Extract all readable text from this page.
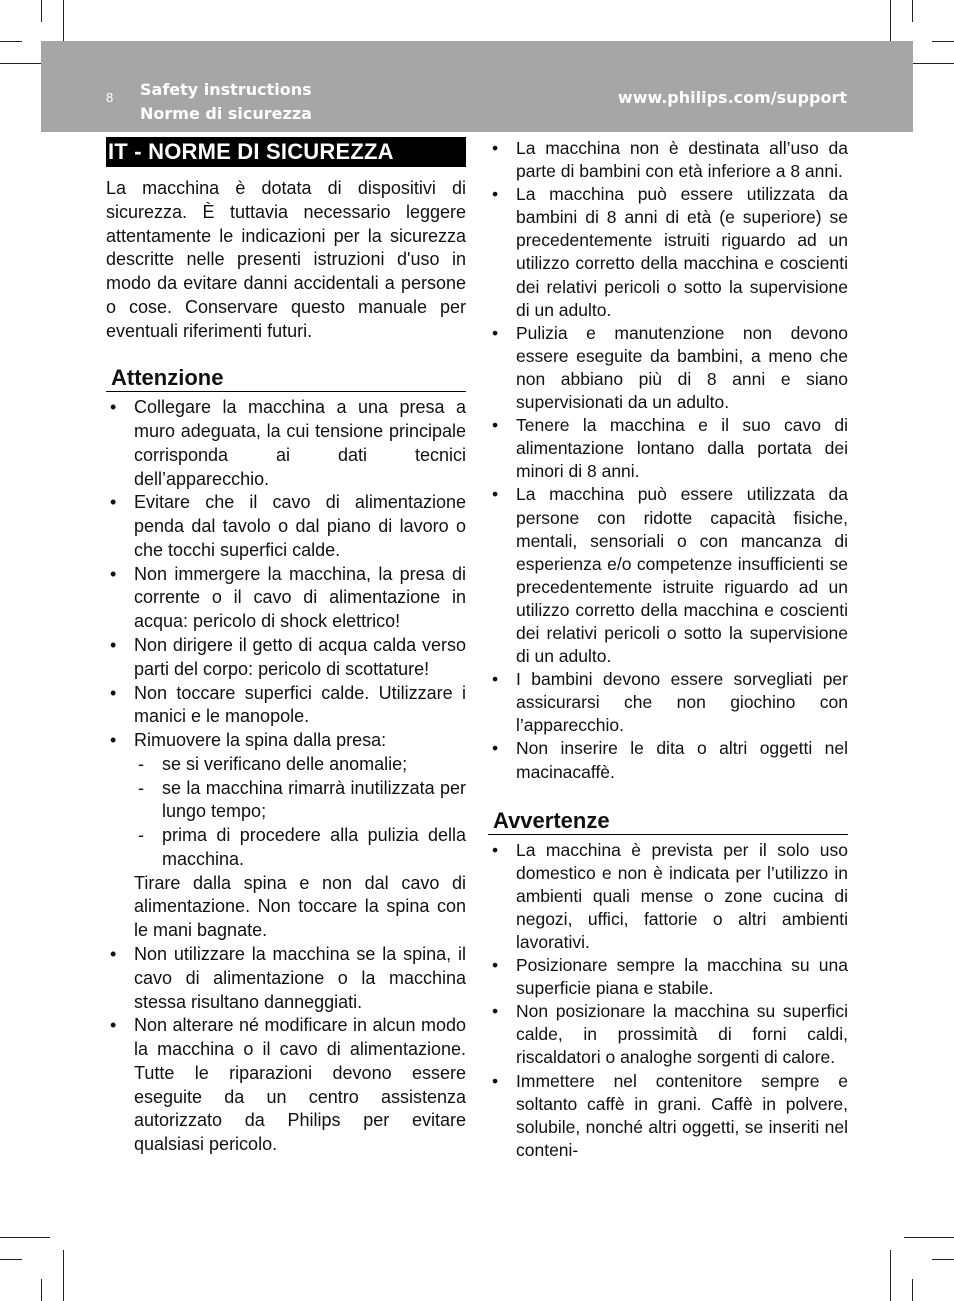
8 Safety instructions
Norme di sicurezza
www.philips.com/support
IT - NORME DI SICUREZZA

La macchina è dotata di dispositivi di sicurezza. È tuttavia necessario leggere attentamente le indicazioni per la sicurezza descritte nelle presenti istruzioni d'uso in modo da evitare danni accidentali a persone o cose. Conservare questo manuale per eventuali riferimenti futuri.

Attenzione
• Collegare la macchina a una presa a muro adeguata, la cui tensione principale corrisponda ai dati tecnici dell’apparecchio.
• Evitare che il cavo di alimentazione penda dal tavolo o dal piano di lavoro o che tocchi superfici calde.
• Non immergere la macchina, la presa di corrente o il cavo di alimentazione in acqua: pericolo di shock elettrico!
• Non dirigere il getto di acqua calda verso parti del corpo: pericolo di scottature!
• Non toccare superfici calde. Utilizzare i manici e le manopole.
• Rimuovere la spina dalla presa:
- se si verificano delle anomalie;
- se la macchina rimarrà inutilizzata per lungo tempo;
- prima di procedere alla pulizia della macchina.
Tirare dalla spina e non dal cavo di alimentazione. Non toccare la spina con le mani bagnate.
• Non utilizzare la macchina se la spina, il cavo di alimentazione o la macchina stessa risultano danneggiati.
• Non alterare né modificare in alcun modo la macchina o il cavo di alimentazione. Tutte le riparazioni devono essere eseguite da un centro assistenza autorizzato da Philips per evitare qualsiasi pericolo.
• La macchina non è destinata all’uso da parte di bambini con età inferiore a 8 anni.
• La macchina può essere utilizzata da bambini di 8 anni di età (e superiore) se precedentemente istruiti riguardo ad un utilizzo corretto della macchina e coscienti dei relativi pericoli o sotto la supervisione di un adulto.
• Pulizia e manutenzione non devono essere eseguite da bambini, a meno che non abbiano più di 8 anni e siano supervisionati da un adulto.
• Tenere la macchina e il suo cavo di alimentazione lontano dalla portata dei minori di 8 anni.
• La macchina può essere utilizzata da persone con ridotte capacità fisiche, mentali, sensoriali o con mancanza di esperienza e/o competenze insufficienti se precedentemente istruite riguardo ad un utilizzo corretto della macchina e coscienti dei relativi pericoli o sotto la supervisione di un adulto.
• I bambini devono essere sorvegliati per assicurarsi che non giochino con l’apparecchio.
• Non inserire le dita o altri oggetti nel macinacaffè.
Avvertenze
• La macchina è prevista per il solo uso domestico e non è indicata per l’utilizzo in ambienti quali mense o zone cucina di negozi, uffici, fattorie o altri ambienti lavorativi.
• Posizionare sempre la macchina su una superficie piana e stabile.
• Non posizionare la macchina su superfici calde, in prossimità di forni caldi, riscaldatori o analoghe sorgenti di calore.
• Immettere nel contenitore sempre e soltanto caffè in grani. Caffè in polvere, solubile, nonché altri oggetti, se inseriti nel conteni-
